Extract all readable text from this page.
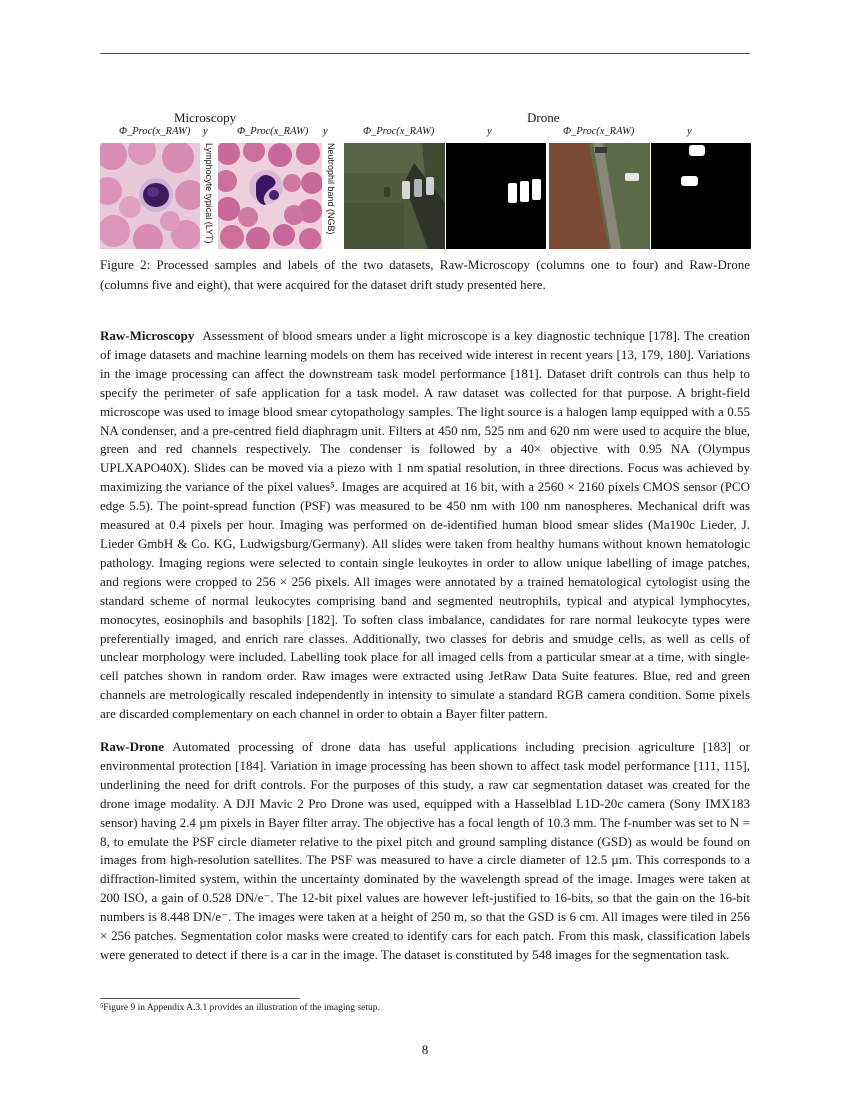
Microscopy	Drone
Φ_Proc(x_RAW) y	Φ_Proc(x_RAW) y	Φ_Proc(x_RAW)	y	Φ_Proc(x_RAW)	y
Lymphocyte typical (LYT)	Neutrophil band (NGB)
Figure 2: Processed samples and labels of the two datasets, Raw-Microscopy (columns one to four) and Raw-Drone (columns five and eight), that were acquired for the dataset drift study presented here.
Raw-Microscopy Assessment of blood smears under a light microscope is a key diagnostic technique [178]. The creation of image datasets and machine learning models on them has received wide interest in recent years [13, 179, 180]. Variations in the image processing can affect the downstream task model performance [181]. Dataset drift controls can thus help to specify the perimeter of safe application for a task model. A raw dataset was collected for that purpose. A bright-field microscope was used to image blood smear cytopathology samples. The light source is a halogen lamp equipped with a 0.55 NA condenser, and a pre-centred field diaphragm unit. Filters at 450 nm, 525 nm and 620 nm were used to acquire the blue, green and red channels respectively. The condenser is followed by a 40× objective with 0.95 NA (Olympus UPLXAPO40X). Slides can be moved via a piezo with 1 nm spatial resolution, in three directions. Focus was achieved by maximizing the variance of the pixel values⁵. Images are acquired at 16 bit, with a 2560 × 2160 pixels CMOS sensor (PCO edge 5.5). The point-spread function (PSF) was measured to be 450 nm with 100 nm nanospheres. Mechanical drift was measured at 0.4 pixels per hour. Imaging was performed on de-identified human blood smear slides (Ma190c Lieder, J. Lieder GmbH & Co. KG, Ludwigsburg/Germany). All slides were taken from healthy humans without known hematologic pathology. Imaging regions were selected to contain single leukoytes in order to allow unique labelling of image patches, and regions were cropped to 256 × 256 pixels. All images were annotated by a trained hematological cytologist using the standard scheme of normal leukocytes comprising band and segmented neutrophils, typical and atypical lymphocytes, monocytes, eosinophils and basophils [182]. To soften class imbalance, candidates for rare normal leukocyte types were preferentially imaged, and enrich rare classes. Additionally, two classes for debris and smudge cells, as well as cells of unclear morphology were included. Labelling took place for all imaged cells from a particular smear at a time, with single-cell patches shown in random order. Raw images were extracted using JetRaw Data Suite features. Blue, red and green channels are metrologically rescaled independently in intensity to simulate a standard RGB camera condition. Some pixels are discarded complementary on each channel in order to obtain a Bayer filter pattern.
Raw-Drone Automated processing of drone data has useful applications including precision agriculture [183] or environmental protection [184]. Variation in image processing has been shown to affect task model performance [111, 115], underlining the need for drift controls. For the purposes of this study, a raw car segmentation dataset was created for the drone image modality. A DJI Mavic 2 Pro Drone was used, equipped with a Hasselblad L1D-20c camera (Sony IMX183 sensor) having 2.4 µm pixels in Bayer filter array. The objective has a focal length of 10.3 mm. The f-number was set to N = 8, to emulate the PSF circle diameter relative to the pixel pitch and ground sampling distance (GSD) as would be found on images from high-resolution satellites. The PSF was measured to have a circle diameter of 12.5 µm. This corresponds to a diffraction-limited system, within the uncertainty dominated by the wavelength spread of the image. Images were taken at 200 ISO, a gain of 0.528 DN/e⁻. The 12-bit pixel values are however left-justified to 16-bits, so that the gain on the 16-bit numbers is 8.448 DN/e⁻. The images were taken at a height of 250 m, so that the GSD is 6 cm. All images were tiled in 256 × 256 patches. Segmentation color masks were created to identify cars for each patch. From this mask, classification labels were generated to detect if there is a car in the image. The dataset is constituted by 548 images for the segmentation task.
⁵Figure 9 in Appendix A.3.1 provides an illustration of the imaging setup.
8
